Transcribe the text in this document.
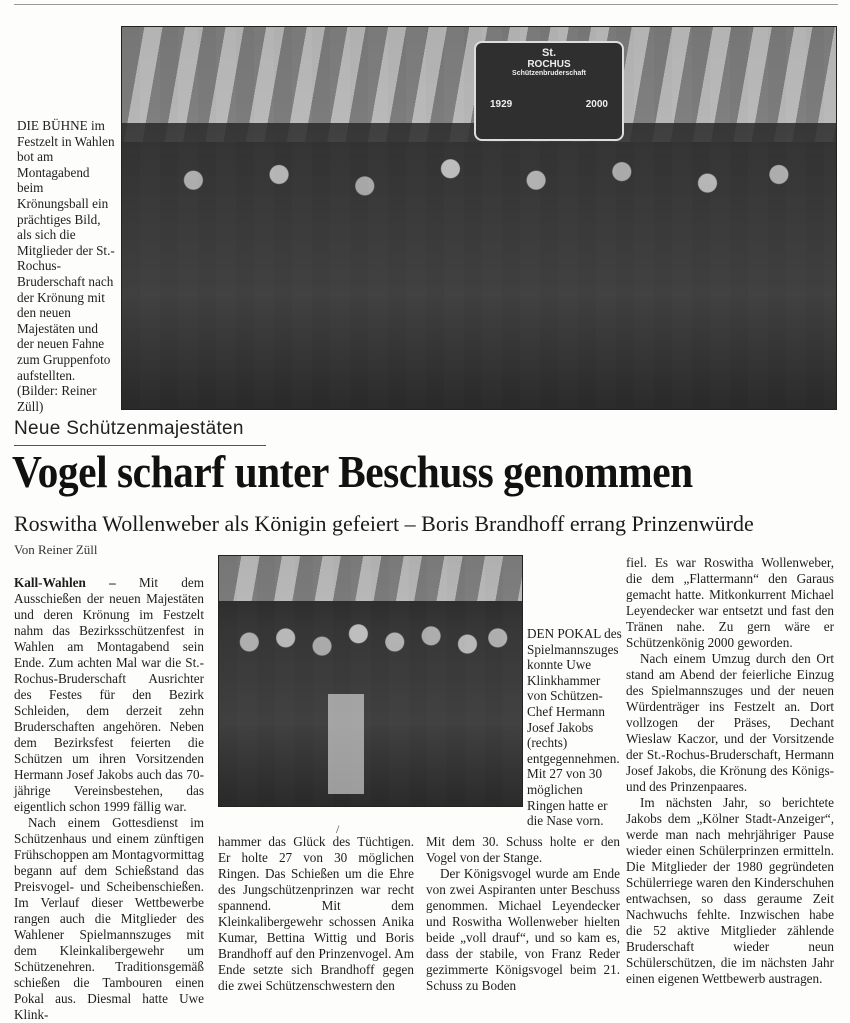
St.
ROCHUS
Schützenbruderschaft
1929	2000
DIE BÜHNE im Festzelt in Wahlen bot am Montagabend beim Krönungsball ein prächtiges Bild, als sich die Mitglieder der St.-Rochus-Bruderschaft nach der Krönung mit den neuen Majestäten und der neuen Fahne zum Gruppenfoto aufstellten. (Bilder: Reiner Züll)
Neue Schützenmajestäten
Vogel scharf unter Beschuss genommen
Roswitha Wollenweber als Königin gefeiert – Boris Brandhoff errang Prinzenwürde
Von Reiner Züll

Kall-Wahlen – Mit dem Ausschießen der neuen Majestäten und deren Krönung im Festzelt nahm das Bezirksschützenfest in Wahlen am Montagabend sein Ende. Zum achten Mal war die St.-Rochus-Bruderschaft Ausrichter des Festes für den Bezirk Schleiden, dem derzeit zehn Bruderschaften angehören. Neben dem Bezirksfest feierten die Schützen um ihren Vorsitzenden Hermann Josef Jakobs auch das 70-jährige Vereinsbestehen, das eigentlich schon 1999 fällig war.

Nach einem Gottesdienst im Schützenhaus und einem zünftigen Frühschoppen am Montagvormittag begann auf dem Schießstand das Preisvogel- und Scheibenschießen. Im Verlauf dieser Wettbewerbe rangen auch die Mitglieder des Wahlener Spielmannszuges mit dem Kleinkalibergewehr um Schützenehren. Traditionsgemäß schießen die Tambouren einen Pokal aus. Diesmal hatte Uwe Klink-

DEN POKAL des Spielmannszuges konnte Uwe Klinkhammer von Schützen-Chef Hermann Josef Jakobs (rechts) entgegennehmen. Mit 27 von 30 möglichen Ringen hatte er die Nase vorn.

hammer das Glück des Tüchtigen. Er holte 27 von 30 möglichen Ringen. Das Schießen um die Ehre des Jungschützenprinzen war recht spannend. Mit dem Kleinkalibergewehr schossen Anika Kumar, Bettina Wittig und Boris Brandhoff auf den Prinzenvogel. Am Ende setzte sich Brandhoff gegen die zwei Schützenschwestern den

/

Mit dem 30. Schuss holte er den Vogel von der Stange.

Der Königsvogel wurde am Ende von zwei Aspiranten unter Beschuss genommen. Michael Leyendecker und Roswitha Wollenweber hielten beide „voll drauf“, und so kam es, dass der stabile, von Franz Reder gezimmerte Königsvogel beim 21. Schuss zu Boden

fiel. Es war Roswitha Wollenweber, die dem „Flattermann“ den Garaus gemacht hatte. Mitkonkurrent Michael Leyendecker war entsetzt und fast den Tränen nahe. Zu gern wäre er Schützenkönig 2000 geworden.

Nach einem Umzug durch den Ort stand am Abend der feierliche Einzug des Spielmannszuges und der neuen Würdenträger ins Festzelt an. Dort vollzogen der Präses, Dechant Wieslaw Kaczor, und der Vorsitzende der St.-Rochus-Bruderschaft, Hermann Josef Jakobs, die Krönung des Königs- und des Prinzenpaares.

Im nächsten Jahr, so berichtete Jakobs dem „Kölner Stadt-Anzeiger“, werde man nach mehrjähriger Pause wieder einen Schülerprinzen ermitteln. Die Mitglieder der 1980 gegründeten Schülerriege waren den Kinderschuhen entwachsen, so dass geraume Zeit Nachwuchs fehlte. Inzwischen habe die 52 aktive Mitglieder zählende Bruderschaft wieder neun Schülerschützen, die im nächsten Jahr einen eigenen Wettbewerb austragen.
